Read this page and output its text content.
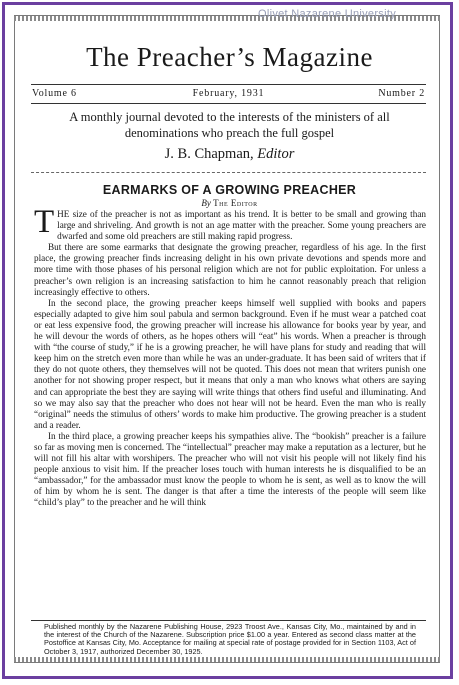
Olivet Nazarene University
The Preacher’s Magazine
Volume 6	February, 1931	Number 2
A monthly journal devoted to the interests of the ministers of all denominations who preach the full gospel
J. B. Chapman, Editor
EARMARKS OF A GROWING PREACHER
By The Editor

THE size of the preacher is not as important as his trend. It is better to be small and growing than large and shriveling. And growth is not an age matter with the preacher. Some young preachers are dwarfed and some old preachers are still making rapid progress.

But there are some earmarks that designate the growing preacher, regardless of his age. In the first place, the growing preacher finds increasing delight in his own private devotions and spends more and more time with those phases of his personal religion which are not for public exploitation. For unless a preacher’s own religion is an increasing satisfaction to him he cannot reasonably preach that religion increasingly effective to others.

In the second place, the growing preacher keeps himself well supplied with books and papers especially adapted to give him soul pabula and sermon background. Even if he must wear a patched coat or eat less expensive food, the growing preacher will increase his allowance for books year by year, and he will devour the words of others, as he hopes others will “eat” his words. When a preacher is through with “the course of study,” if he is a growing preacher, he will have plans for study and reading that will keep him on the stretch even more than while he was an under-graduate. It has been said of writers that if they do not quote others, they themselves will not be quoted. This does not mean that writers punish one another for not showing proper respect, but it means that only a man who knows what others are saying and can appropriate the best they are saying will write things that others find useful and illuminating. And so we may also say that the preacher who does not hear will not be heard. Even the man who is really “original” needs the stimulus of others’ words to make him productive. The growing preacher is a student and a reader.

In the third place, a growing preacher keeps his sympathies alive. The “bookish” preacher is a failure so far as moving men is concerned. The “intellectual” preacher may make a reputation as a lecturer, but he will not fill his altar with worshipers. The preacher who will not visit his people will not likely find his people anxious to visit him. If the preacher loses touch with human interests he is disqualified to be an “ambassador,” for the ambassador must know the people to whom he is sent, as well as to know the will of him by whom he is sent. The danger is that after a time the interests of the people will seem like “child’s play” to the preacher and he will think

Published monthly by the Nazarene Publishing House, 2923 Troost Ave., Kansas City, Mo., maintained by and in the interest of the Church of the Nazarene. Subscription price $1.00 a year. Entered as second class matter at the Postoffice at Kansas City, Mo. Acceptance for mailing at special rate of postage provided for in Section 1103, Act of October 3, 1917, authorized December 30, 1925.
